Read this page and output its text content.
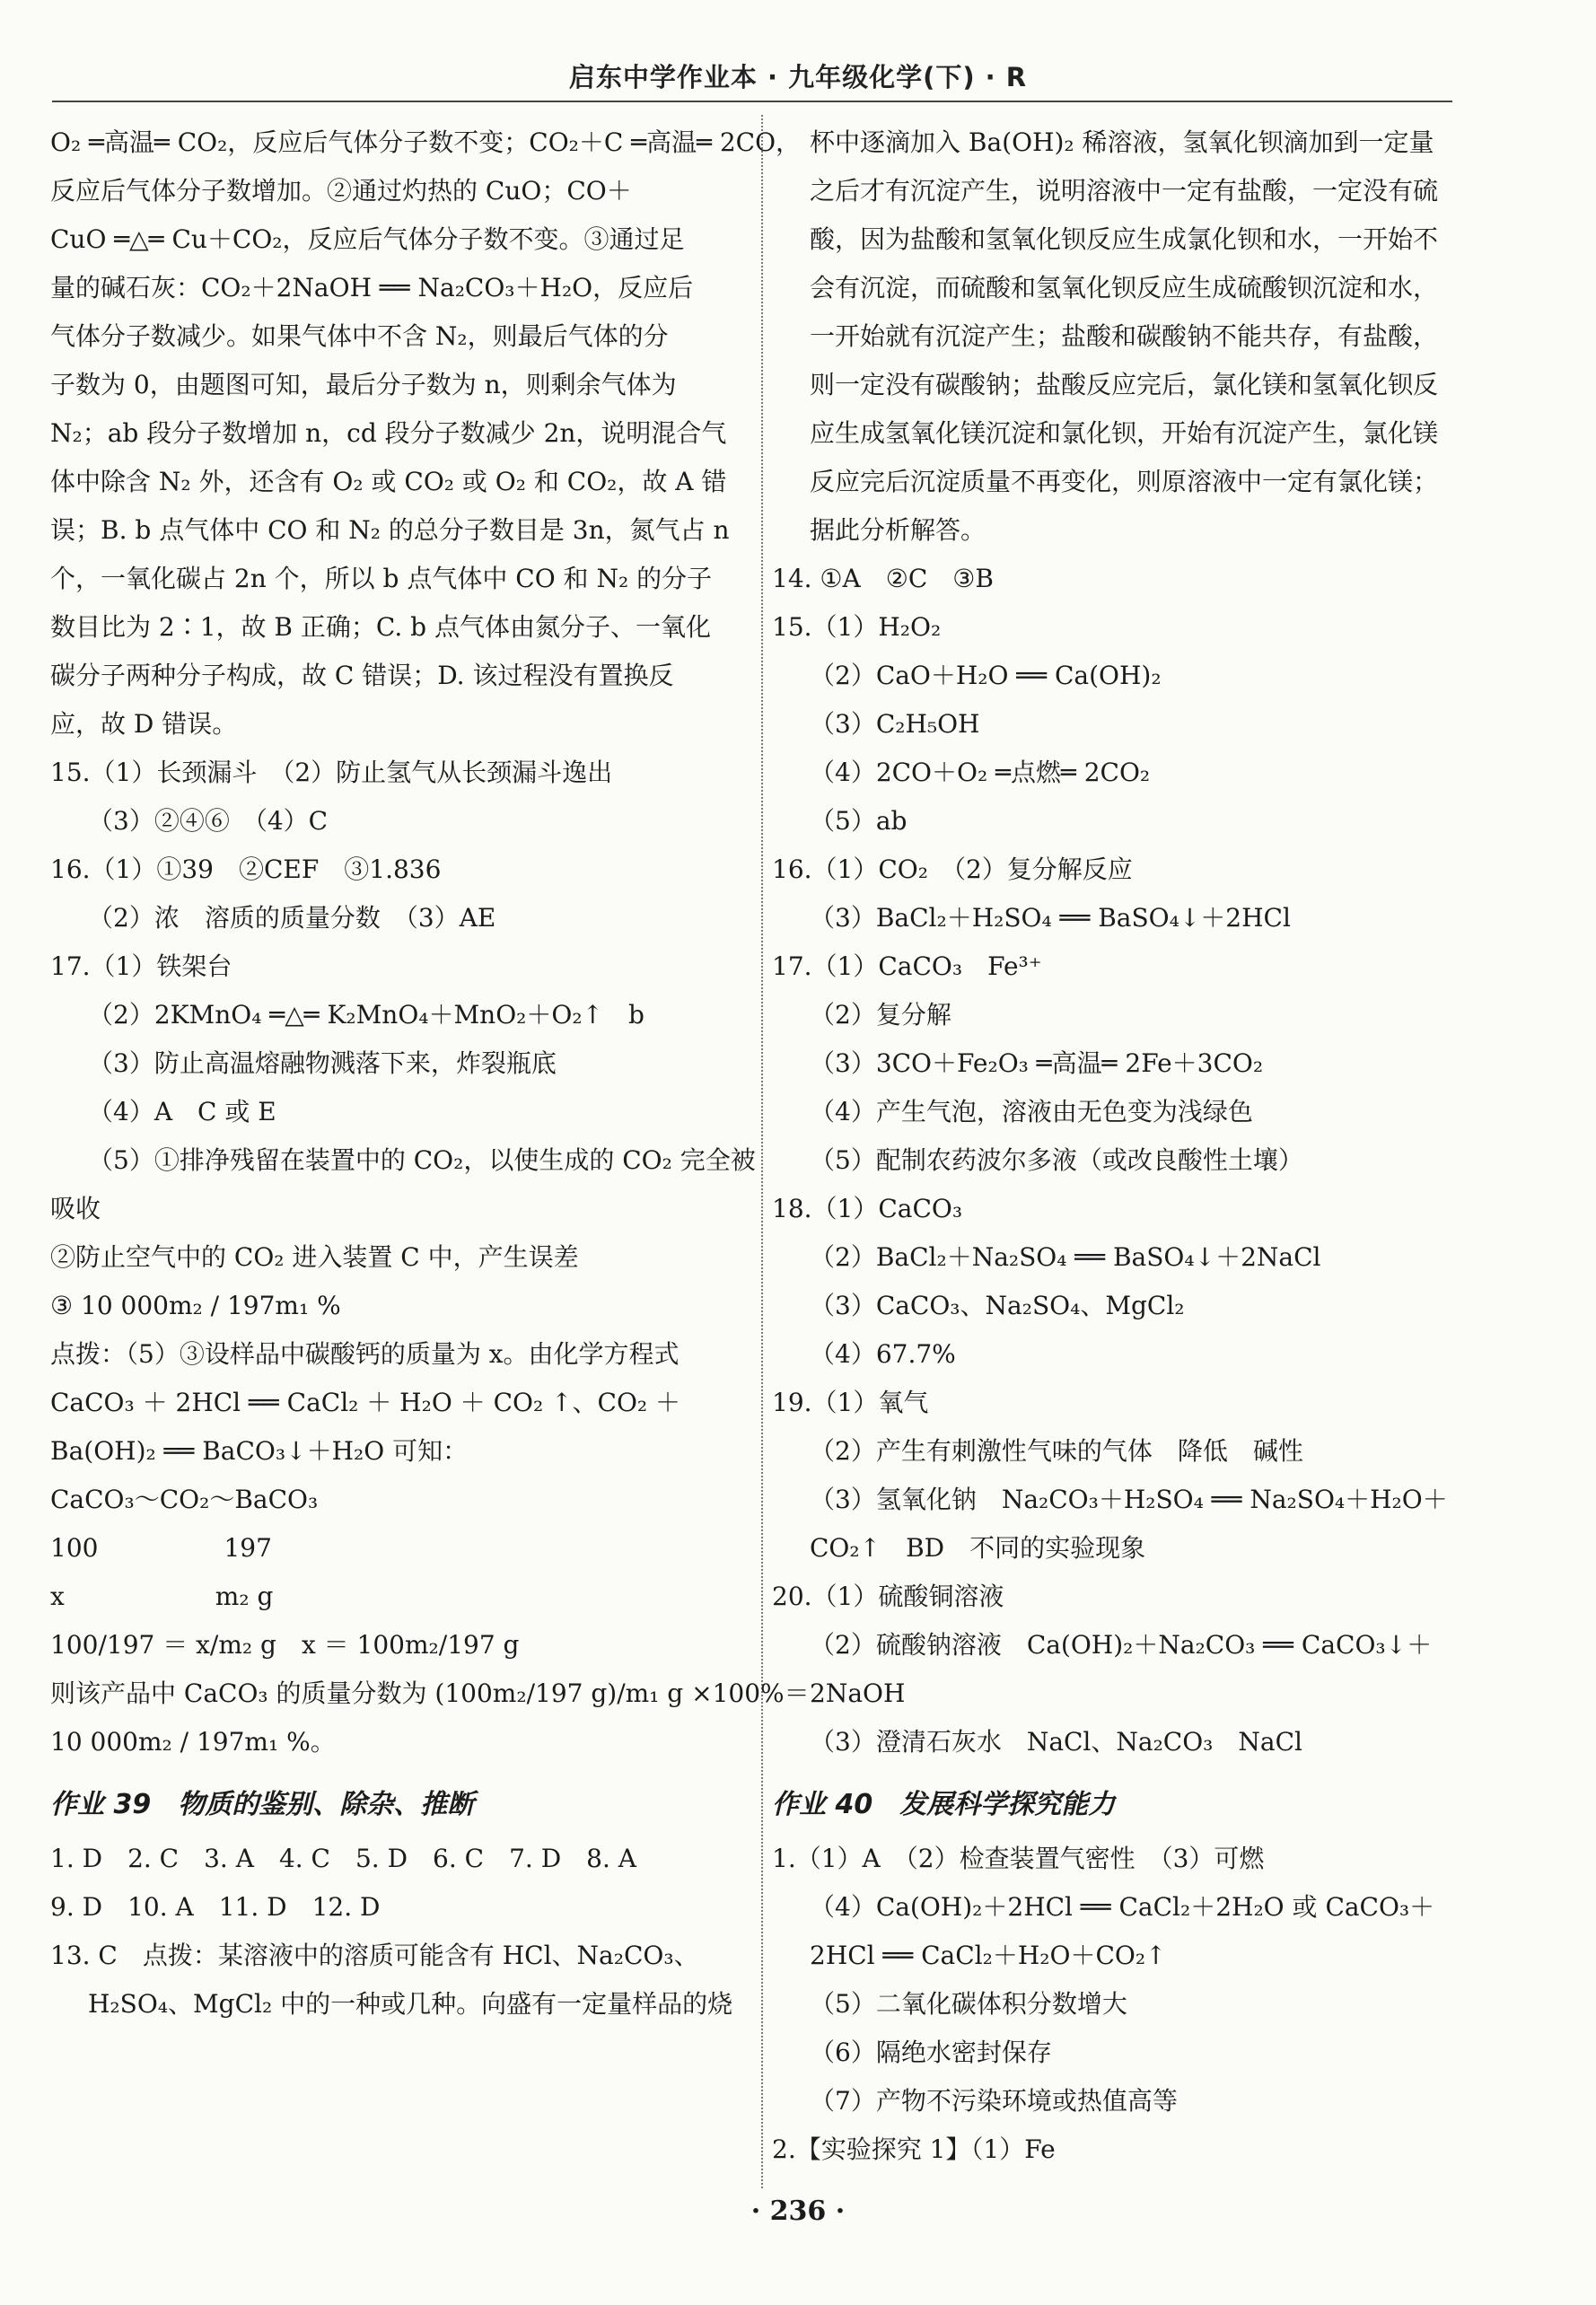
启东中学作业本 · 九年级化学(下) · R
O₂ ═高温═ CO₂，反应后气体分子数不变；CO₂＋C ═高温═ 2CO，
反应后气体分子数增加。②通过灼热的 CuO；CO＋
CuO ═△═ Cu＋CO₂，反应后气体分子数不变。③通过足
量的碱石灰：CO₂＋2NaOH ══ Na₂CO₃＋H₂O，反应后
气体分子数减少。如果气体中不含 N₂，则最后气体的分
子数为 0，由题图可知，最后分子数为 n，则剩余气体为
N₂；ab 段分子数增加 n，cd 段分子数减少 2n，说明混合气
体中除含 N₂ 外，还含有 O₂ 或 CO₂ 或 O₂ 和 CO₂，故 A 错
误；B. b 点气体中 CO 和 N₂ 的总分子数目是 3n，氮气占 n
个，一氧化碳占 2n 个，所以 b 点气体中 CO 和 N₂ 的分子
数目比为 2∶1，故 B 正确；C. b 点气体由氮分子、一氧化
碳分子两种分子构成，故 C 错误；D. 该过程没有置换反
应，故 D 错误。
15.（1）长颈漏斗　（2）防止氢气从长颈漏斗逸出
（3）②④⑥　（4）C
16.（1）①39　②CEF　③1.836
（2）浓　溶质的质量分数　（3）AE
17.（1）铁架台
（2）2KMnO₄ ═△═ K₂MnO₄＋MnO₂＋O₂↑　b
（3）防止高温熔融物溅落下来，炸裂瓶底
（4）A　C 或 E
（5）①排净残留在装置中的 CO₂，以使生成的 CO₂ 完全被
吸收
②防止空气中的 CO₂ 进入装置 C 中，产生误差
③ 10 000m₂ / 197m₁ %
点拨：（5）③设样品中碳酸钙的质量为 x。由化学方程式
CaCO₃ ＋ 2HCl ══ CaCl₂ ＋ H₂O ＋ CO₂ ↑、CO₂ ＋
Ba(OH)₂ ══ BaCO₃↓＋H₂O 可知：
CaCO₃～CO₂～BaCO₃
100　　　　　197
x　　　　　　m₂ g
100/197 ＝ x/m₂ g　x ＝ 100m₂/197 g
则该产品中 CaCO₃ 的质量分数为 (100m₂/197 g)/m₁ g ×100%＝
10 000m₂ / 197m₁ %。
作业 39　物质的鉴别、除杂、推断
1. D　2. C　3. A　4. C　5. D　6. C　7. D　8. A
9. D　10. A　11. D　12. D
13. C　点拨：某溶液中的溶质可能含有 HCl、Na₂CO₃、
H₂SO₄、MgCl₂ 中的一种或几种。向盛有一定量样品的烧
杯中逐滴加入 Ba(OH)₂ 稀溶液，氢氧化钡滴加到一定量
之后才有沉淀产生，说明溶液中一定有盐酸，一定没有硫
酸，因为盐酸和氢氧化钡反应生成氯化钡和水，一开始不
会有沉淀，而硫酸和氢氧化钡反应生成硫酸钡沉淀和水，
一开始就有沉淀产生；盐酸和碳酸钠不能共存，有盐酸，
则一定没有碳酸钠；盐酸反应完后，氯化镁和氢氧化钡反
应生成氢氧化镁沉淀和氯化钡，开始有沉淀产生，氯化镁
反应完后沉淀质量不再变化，则原溶液中一定有氯化镁；
据此分析解答。
14. ①A　②C　③B
15.（1）H₂O₂
（2）CaO＋H₂O ══ Ca(OH)₂
（3）C₂H₅OH
（4）2CO＋O₂ ═点燃═ 2CO₂
（5）ab
16.（1）CO₂　（2）复分解反应
（3）BaCl₂＋H₂SO₄ ══ BaSO₄↓＋2HCl
17.（1）CaCO₃　Fe³⁺
（2）复分解
（3）3CO＋Fe₂O₃ ═高温═ 2Fe＋3CO₂
（4）产生气泡，溶液由无色变为浅绿色
（5）配制农药波尔多液（或改良酸性土壤）
18.（1）CaCO₃
（2）BaCl₂＋Na₂SO₄ ══ BaSO₄↓＋2NaCl
（3）CaCO₃、Na₂SO₄、MgCl₂
（4）67.7%
19.（1）氧气
（2）产生有刺激性气味的气体　降低　碱性
（3）氢氧化钠　Na₂CO₃＋H₂SO₄ ══ Na₂SO₄＋H₂O＋
CO₂↑　BD　不同的实验现象
20.（1）硫酸铜溶液
（2）硫酸钠溶液　Ca(OH)₂＋Na₂CO₃ ══ CaCO₃↓＋
2NaOH
（3）澄清石灰水　NaCl、Na₂CO₃　NaCl
作业 40　发展科学探究能力
1.（1）A　（2）检查装置气密性　（3）可燃
（4）Ca(OH)₂＋2HCl ══ CaCl₂＋2H₂O 或 CaCO₃＋
2HCl ══ CaCl₂＋H₂O＋CO₂↑
（5）二氧化碳体积分数增大
（6）隔绝水密封保存
（7）产物不污染环境或热值高等
2.【实验探究 1】（1）Fe
· 236 ·
